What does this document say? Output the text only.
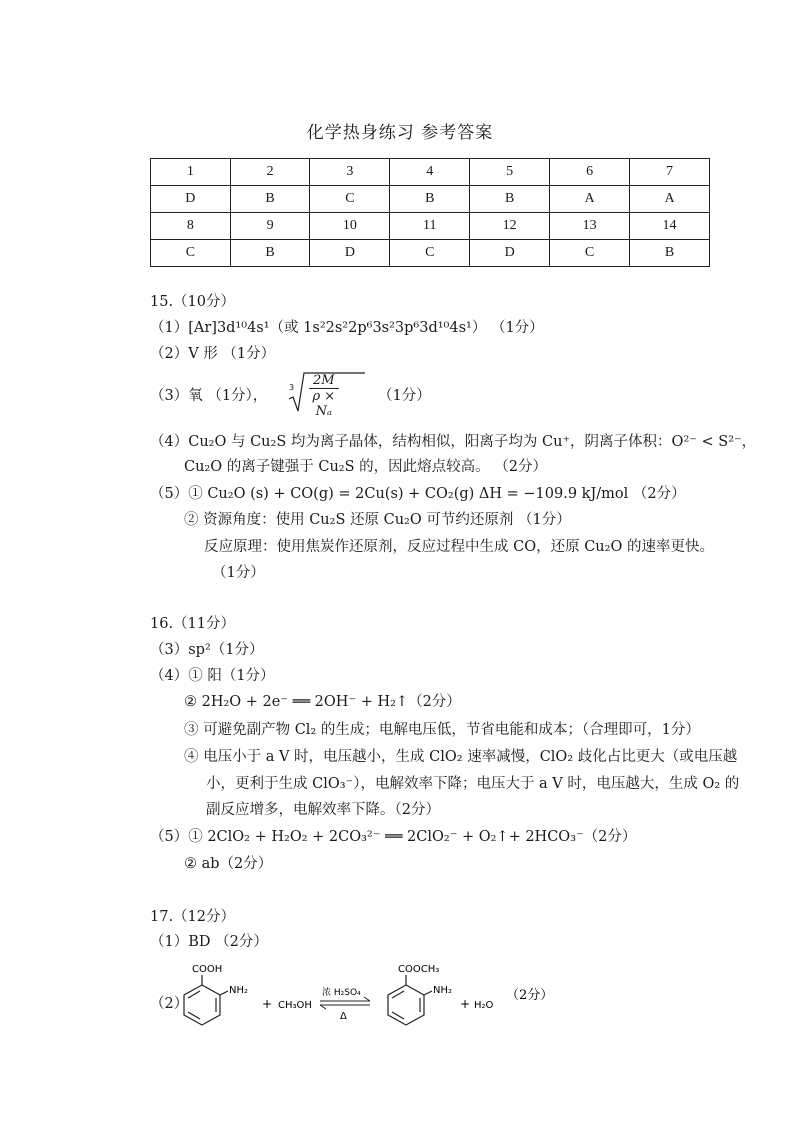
化学热身练习 参考答案
1	2	3	4	5	6	7
D	B	C	B	B	A	A
8	9	10	11	12	13	14
C	B	D	C	D	C	B
15.（10分）
（1）[Ar]3d¹⁰4s¹（或 1s²2s²2p⁶3s²3p⁶3d¹⁰4s¹） （1分）
（2）V 形 （1分）
（3）氧 （1分），
$3 \frac{2M}{\text{ρ × Nₐ}}$	（1分）
（4）Cu₂O 与 Cu₂S 均为离子晶体，结构相似，阳离子均为 Cu⁺，阴离子体积：O²⁻ < S²⁻，
Cu₂O 的离子键强于 Cu₂S 的，因此熔点较高。 （2分）
（5）① Cu₂O (s) + CO(g) = 2Cu(s) + CO₂(g) ΔH = −109.9 kJ/mol （2分）
② 资源角度：使用 Cu₂S 还原 Cu₂O 可节约还原剂 （1分）
反应原理：使用焦炭作还原剂，反应过程中生成 CO，还原 Cu₂O 的速率更快。
（1分）
16.（11分）
（3）sp²（1分）
（4）① 阳（1分）
② 2H₂O + 2e⁻ ══ 2OH⁻ + H₂↑（2分）
③ 可避免副产物 Cl₂ 的生成；电解电压低，节省电能和成本；（合理即可，1分）
④ 电压小于 a V 时，电压越小，生成 ClO₂ 速率减慢，ClO₂ 歧化占比更大（或电压越
小，更利于生成 ClO₃⁻），电解效率下降；电压大于 a V 时，电压越大，生成 O₂ 的
副反应增多，电解效率下降。（2分）
（5）① 2ClO₂ + H₂O₂ + 2CO₃²⁻ ══ 2ClO₂⁻ + O₂↑+ 2HCO₃⁻（2分）
② ab（2分）
17.（12分）
（1）BD （2分）
（2）
COOH
NH₂
+ CH₃OH
浓 H₂SO₄
Δ
COOCH₃
NH₂
+ H₂O
（2分）
